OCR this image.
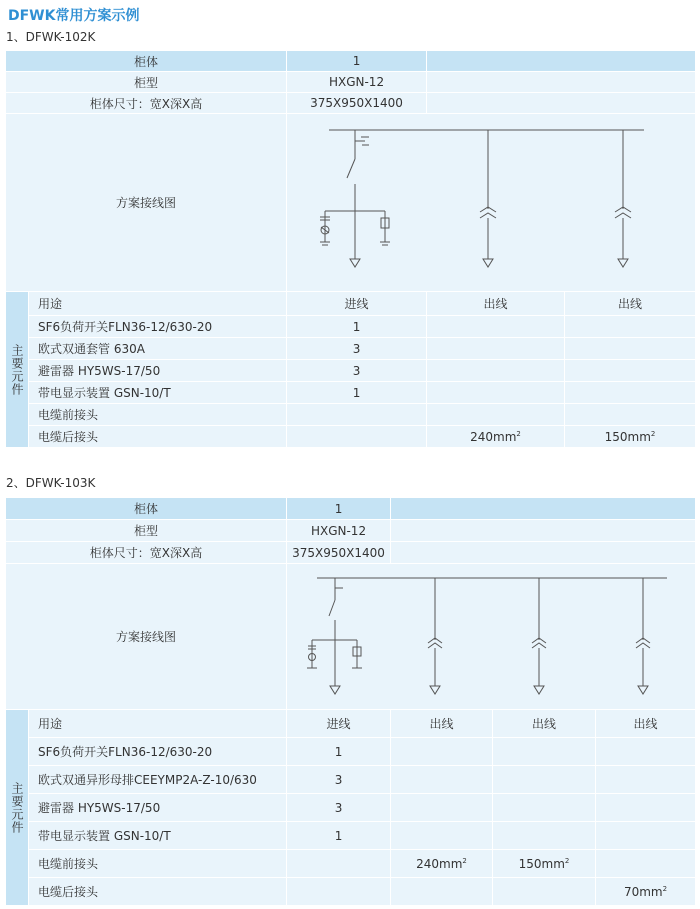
DFWK常用方案示例
1、DFWK-102K
柜体		1		
柜型		HXGN-12		
柜体尺寸：宽X深X高		375X950X1400		
方案接线图	

主要元件	用途	进线	出线	出线
	SF6负荷开关FLN36-12/630-20	1		
	欧式双通套管 630A	3		
	避雷器 HY5WS-17/50	3		
	带电显示装置 GSN-10/T	1		
	电缆前接头			
	电缆后接头		$240mm^2$	$150mm^2$
2、DFWK-103K
柜体		1			
柜型		HXGN-12			
柜体尺寸：宽X深X高		375X950X1400			
方案接线图	

主要元件	用途	进线	出线	出线	出线
	SF6负荷开关FLN36-12/630-20	1			
	欧式双通异形母排CEEYMP2A-Z-10/630	3			
	避雷器 HY5WS-17/50	3			
	带电显示装置 GSN-10/T	1			
	电缆前接头		$240mm^2$	$150mm^2$	
	电缆后接头				$70mm^2$
